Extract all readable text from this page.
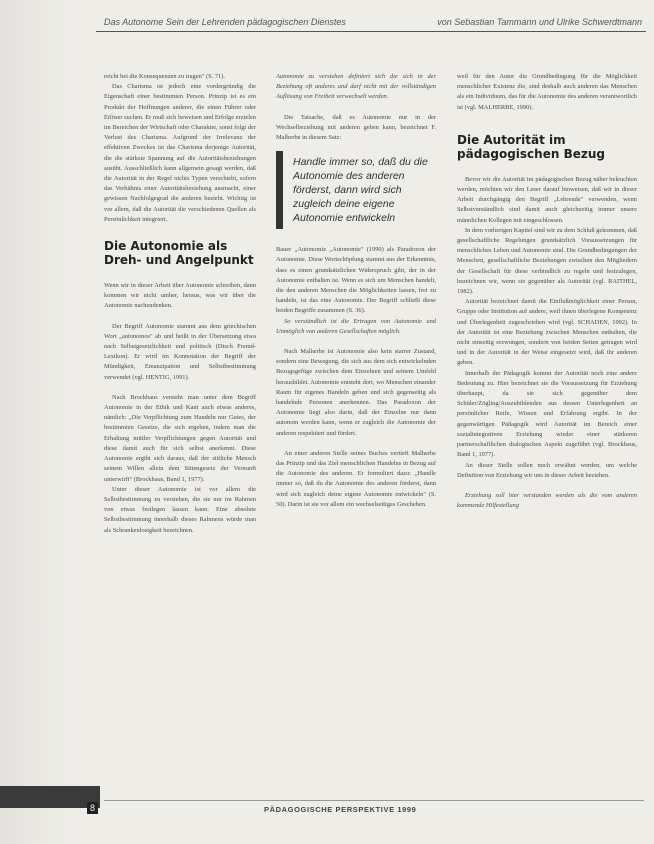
Das Autonome Sein der Lehrenden pädagogischen Dienstes	von Sebastian Tammann und Ulrike Schwerdtmann

reicht bei die Konsequenzen zu tragen" (S. 71).

Das Charisma ist jedoch eine vordergründig die Eigenschaft einer bestimmten Person. Prinzip ist es ein Produkt der Hoffnungen anderer, die einen Führer oder Erlöser suchen. Er muß sich beweisen und Erfolge erzielen im Bereichen der Wirtschaft oder Charakter, sonst folgt der Verlust des Charisma. Aufgrund der Irrelevanz der effektiven Zweckes ist das Charisma derjenige Autorität, die die stärkste Spannung auf die Autoritätsbeziehungen ausübt. Ausschließlich kann allgemein gesagt werden, daß die Autorität in der Regel nichts Typen verschiebt, sofern das Verhältnis einer Autoritätsbeziehung ausmacht, einer gewissen Nachfolgegrad die anderen bezieht. Wichtig ist vor allem, daß die Autorität die verschiedenen Quellen als Persönlichkeit integriert.

Die Autonomie als Dreh- und Angelpunkt

Wenn wir in dieser Arbeit über Autonomie schreiben, dann kommen wir nicht umher, heraus, was wir über die Autonomie nachzudenken.

Der Begriff Autonomie stammt aus dem griechischen Wort „autonomos" ab und heißt in der Übersetzung etwa nach Selbstgesetzlichkeit und politisch (Dtsch Fremd- Lexikon). Er wird im Konnotation der Begriff der Mündigkeit, Emanzipation und Selbstbestimmung verwendet (vgl. HENTIG, 1991).

Nach Brockhaus versteht man unter dem Begriff Autonomie in der Ethik und Kant auch etwas anderes, nämlich: „Die Verpflichtung zum Handeln nur Gutes, der bestimmten Gesetze, die sich ergeben, indem man die Erhaltung mittler Verpflichtungen gegen Autorität und diese damit auch für sich selbst anerkennt. Diese Autonomie ergibt sich daraus, daß der sittliche Mensch seinem Willen allein dem Sittengesetz der Vernunft unterwirft" (Brockhaus, Band 1, 1977).

Unter dieser Autonomie ist vor allem die Selbstbestimmung zu verstehen, die sie nur im Rahmen von etwas festlegen lassen kann. Eine absolute Selbstbestimmung innerhalb dieses Rahmens würde man als Schrankenlosigkeit bezeichnen.

Autonomie zu verstehen definiert sich die sich in der Beziehung oft anderes und darf nicht mit der vollständigen Auflösung von Freiheit verwechselt werden.

Die Tatsache, daß es Autonomie nur in der Wechselbeziehung mit anderen geben kann, bezeichnet F. Malherbe in diesem Satz:

Handle immer so, daß du die Autonomie des anderen förderst, dann wird sich zugleich deine eigene Autonomie entwickeln

Bauer „Autonomie „Autonomie" (1990) als Paradoxon der Autonomie. Diese Wortschöpfung stammt aus der Erkenntnis, dass es einen grundsätzlichen Widerspruch gibt, der in der Autonomie enthalten ist. Wenn es sich um Menschen handelt, die den anderen Menschen die Möglichkeiten lassen, frei zu handeln, ist das eine Autonomie. Der Begriff schließt diese beiden Begriffe zusammen (S. 36).

So verständlich ist die Ertragen von Autonomie und Unmöglich von anderen Gesellschaften möglich.

Nach Malherbe ist Autonomie also kein starrer Zustand, sondern eine Bewegung, die sich aus dem sich entwickelnden Bezugsgefüge zwischen dem Einzelnen und seinem Umfeld herausbildet. Autonomie entsteht dort, wo Menschen einander Raum für eigenes Handeln geben und sich gegenseitig als handelnde Personen anerkennen. Das Paradoxon der Autonomie liegt also darin, daß der Einzelne nur dann autonom werden kann, wenn er zugleich die Autonomie der anderen respektiert und fördert.

An einer anderen Stelle seines Buches vertieft Malherbe das Prinzip und das Ziel menschlichen Handelns in Bezug auf die Autonomie des anderen. Er formuliert dazu: „Handle immer so, daß du die Autonomie des anderen förderst, dann wird sich zugleich deine eigene Autonomie entwickeln" (S. 50). Darin ist sie vor allem ein wechselseitiges Geschehen.

weil für den Autor die Grundbedingung für die Möglichkeit menschlicher Existenz die, sind deshalb auch anderen das Menschen als ein Individuum, das für die Autonomie des anderen verantwortlich ist (vgl. MALHERBE, 1990).

Die Autorität im pädagogischen Bezug

Bevor wir die Autorität im pädagogischen Bezug näher beleuchten werden, möchten wir den Leser darauf hinweisen, daß wir in dieser Arbeit durchgängig den Begriff „Lehrende" verwenden, wenn Selbstverständlich sind damit auch gleichzeitig immer unsere männlichen Kollegen mit eingeschlossen.

In dem vorherigen Kapitel sind wir zu dem Schluß gekommen, daß gesellschaftliche Regelungen grundsätzlich Voraussetzungen für menschliches Leben und Autonomie sind. Die Grundbedingungen der Menschen, gesellschaftliche Beziehungen zwischen den Mitgliedern der Gesellschaft für diese verbindlich zu regeln und festzulegen, bezeichnen wir, wenn sie gegenüber als Autorität (vgl. RAITHEL, 1982).

Autorität bezeichnet damit die Einflußmöglichkeit einer Person, Gruppe oder Institution auf andere, weil ihnen überlegene Kompetenz und Überlegenheit zugeschrieben wird (vgl. SCHADEN, 1992). In der Autorität ist eine Beziehung zwischen Menschen enthalten, die nicht einseitig erzwungen, sondern von beiden Seiten getragen wird und in der Autorität in der Weise eingesetzt wird, daß ihr anderen geben.

Innerhalb der Pädagogik kommt der Autorität noch eine andere Bedeutung zu. Hier bezeichnet sie die Voraussetzung für Erziehung überhaupt, da sie sich gegenüber dem Schüler/Zögling/Auszubildenden aus dessen Unterlegenheit an persönlicher Reife, Wissen und Erfahrung ergibt. In der gegenwärtigen Pädagogik wird Autorität im Bereich einer sozialintegrativen Erziehung wieder einer stärkeren partnerschaftlichen dialogischen Aspekt zugeführt (vgl. Brockhaus, Band 1, 1977).

An dieser Stelle sollen noch erwähnt werden, um welche Definition von Erziehung wir uns in dieser Arbeit beziehen.

Erziehung soll hier verstanden werden als die vom anderen kommende Hilfestellung

8	PÄDAGOGISCHE PERSPEKTIVE 1999
